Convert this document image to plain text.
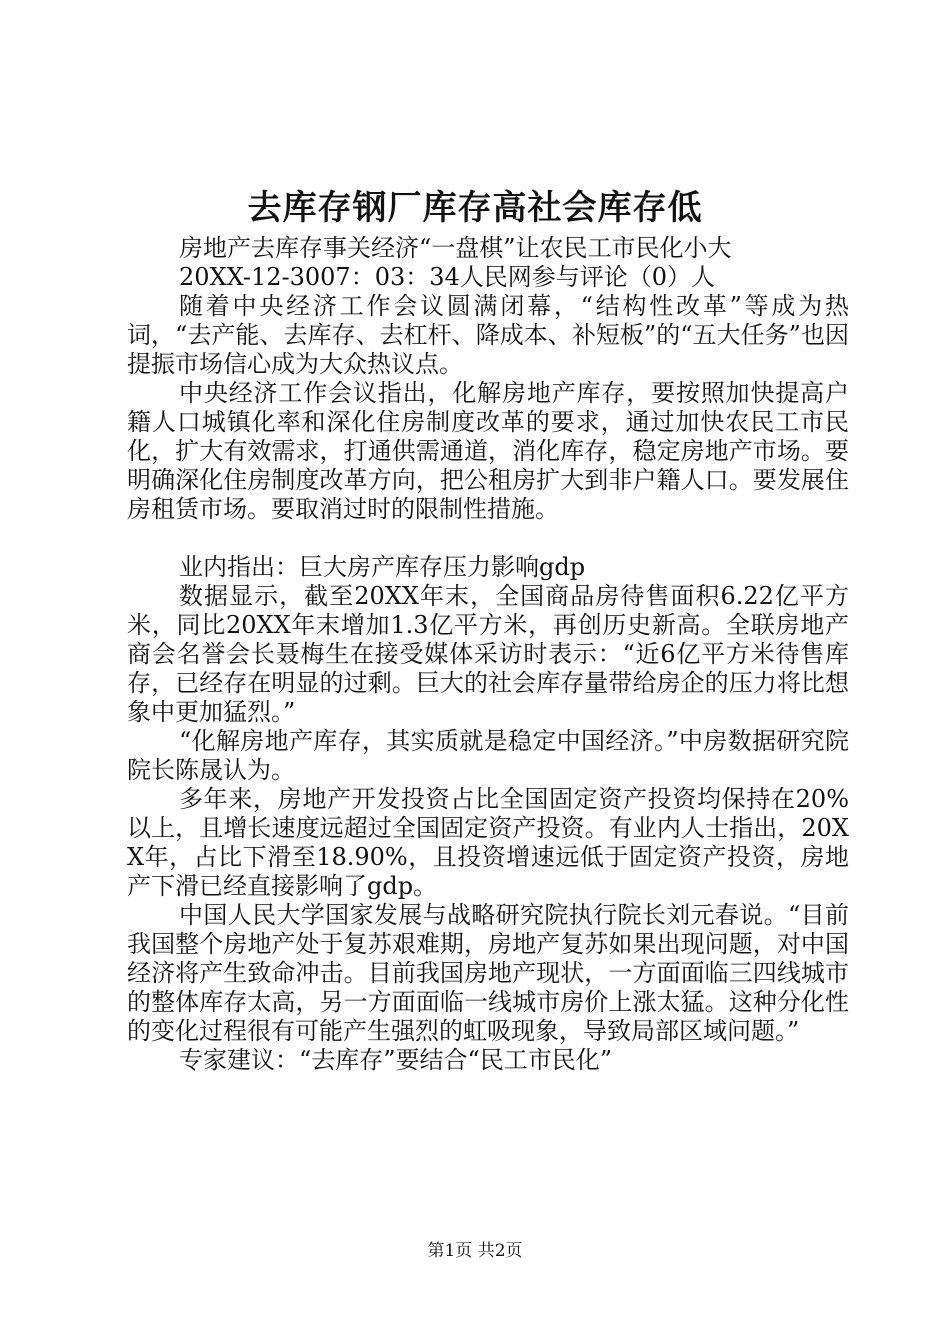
去库存钢厂库存高社会库存低

房地产去库存事关经济“一盘棋”让农民工市民化小大

20XX-12-3007：03：34人民网参与评论（0）人

随着中央经济工作会议圆满闭幕，“结构性改革”等成为热词，“去产能、去库存、去杠杆、降成本、补短板”的“五大任务”也因提振市场信心成为大众热议点。

中央经济工作会议指出，化解房地产库存，要按照加快提高户籍人口城镇化率和深化住房制度改革的要求，通过加快农民工市民化，扩大有效需求，打通供需通道，消化库存，稳定房地产市场。要明确深化住房制度改革方向，把公租房扩大到非户籍人口。要发展住房租赁市场。要取消过时的限制性措施。

业内指出：巨大房产库存压力影响gdp

数据显示，截至20XX年末，全国商品房待售面积6.22亿平方米，同比20XX年末增加1.3亿平方米，再创历史新高。全联房地产商会名誉会长聂梅生在接受媒体采访时表示：“近6亿平方米待售库存，已经存在明显的过剩。巨大的社会库存量带给房企的压力将比想象中更加猛烈。”

“化解房地产库存，其实质就是稳定中国经济。”中房数据研究院院长陈晟认为。

多年来，房地产开发投资占比全国固定资产投资均保持在20%以上，且增长速度远超过全国固定资产投资。有业内人士指出，20XX年，占比下滑至18.90%，且投资增速远低于固定资产投资，房地产下滑已经直接影响了gdp。

中国人民大学国家发展与战略研究院执行院长刘元春说。“目前我国整个房地产处于复苏艰难期，房地产复苏如果出现问题，对中国经济将产生致命冲击。目前我国房地产现状，一方面面临三四线城市的整体库存太高，另一方面面临一线城市房价上涨太猛。这种分化性的变化过程很有可能产生强烈的虹吸现象，导致局部区域问题。”

专家建议：“去库存”要结合“民工市民化”

第1页 共2页
